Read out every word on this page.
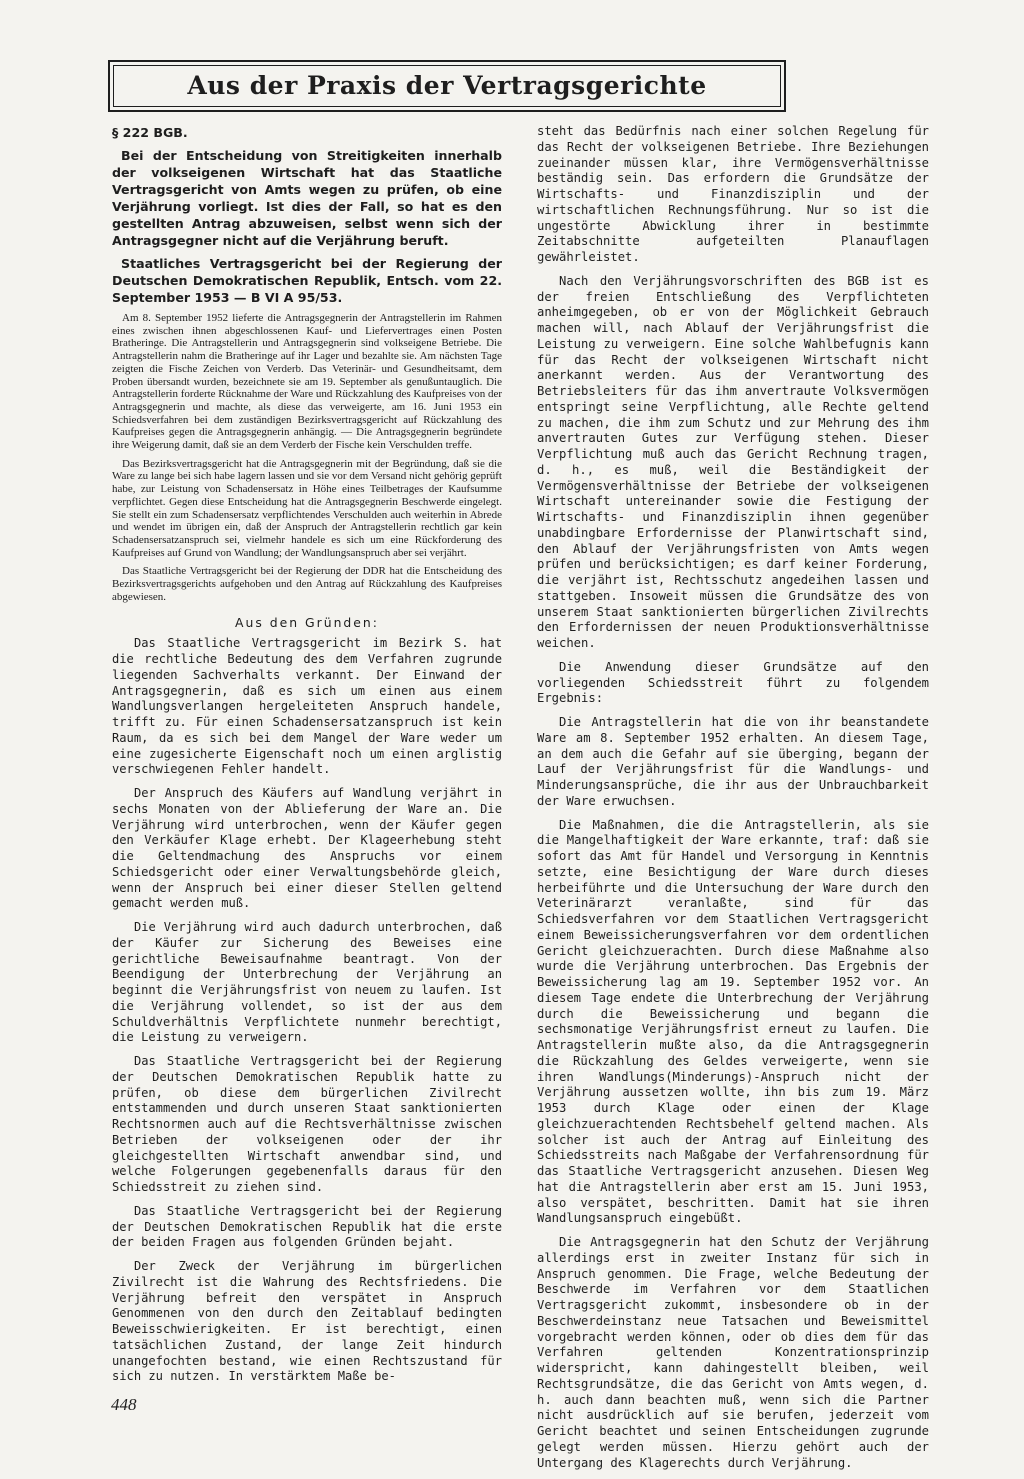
Aus der Praxis der Vertragsgerichte

§ 222 BGB.

Bei der Entscheidung von Streitigkeiten innerhalb der volkseigenen Wirtschaft hat das Staatliche Vertragsgericht von Amts wegen zu prüfen, ob eine Verjährung vorliegt. Ist dies der Fall, so hat es den gestellten Antrag abzuweisen, selbst wenn sich der Antragsgegner nicht auf die Verjährung beruft.

Staatliches Vertragsgericht bei der Regierung der Deutschen Demokratischen Republik, Entsch. vom 22. September 1953 — B VI A 95/53.

Am 8. September 1952 lieferte die Antragsgegnerin der Antragstellerin im Rahmen eines zwischen ihnen abgeschlossenen Kauf- und Liefervertrages einen Posten Bratheringe. Die Antragstellerin und Antragsgegnerin sind volkseigene Betriebe. Die Antragstellerin nahm die Bratheringe auf ihr Lager und bezahlte sie. Am nächsten Tage zeigten die Fische Zeichen von Verderb. Das Veterinär- und Gesundheitsamt, dem Proben übersandt wurden, bezeichnete sie am 19. September als genußuntauglich. Die Antragstellerin forderte Rücknahme der Ware und Rückzahlung des Kaufpreises von der Antragsgegnerin und machte, als diese das verweigerte, am 16. Juni 1953 ein Schiedsverfahren bei dem zuständigen Bezirksvertragsgericht auf Rückzahlung des Kaufpreises gegen die Antragsgegnerin anhängig. — Die Antragsgegnerin begründete ihre Weigerung damit, daß sie an dem Verderb der Fische kein Verschulden treffe.

Das Bezirksvertragsgericht hat die Antragsgegnerin mit der Begründung, daß sie die Ware zu lange bei sich habe lagern lassen und sie vor dem Versand nicht gehörig geprüft habe, zur Leistung von Schadensersatz in Höhe eines Teilbetrages der Kaufsumme verpflichtet. Gegen diese Entscheidung hat die Antragsgegnerin Beschwerde eingelegt. Sie stellt ein zum Schadensersatz verpflichtendes Verschulden auch weiterhin in Abrede und wendet im übrigen ein, daß der Anspruch der Antragstellerin rechtlich gar kein Schadensersatzanspruch sei, vielmehr handele es sich um eine Rückforderung des Kaufpreises auf Grund von Wandlung; der Wandlungsanspruch aber sei verjährt.

Das Staatliche Vertragsgericht bei der Regierung der DDR hat die Entscheidung des Bezirksvertragsgerichts aufgehoben und den Antrag auf Rückzahlung des Kaufpreises abgewiesen.

Aus den Gründen:

Das Staatliche Vertragsgericht im Bezirk S. hat die rechtliche Bedeutung des dem Verfahren zugrunde liegenden Sachverhalts verkannt. Der Einwand der Antragsgegnerin, daß es sich um einen aus einem Wandlungsverlangen hergeleiteten Anspruch handele, trifft zu. Für einen Schadensersatzanspruch ist kein Raum, da es sich bei dem Mangel der Ware weder um eine zugesicherte Eigenschaft noch um einen arglistig verschwiegenen Fehler handelt.

Der Anspruch des Käufers auf Wandlung verjährt in sechs Monaten von der Ablieferung der Ware an. Die Verjährung wird unterbrochen, wenn der Käufer gegen den Verkäufer Klage erhebt. Der Klageerhebung steht die Geltendmachung des Anspruchs vor einem Schiedsgericht oder einer Verwaltungsbehörde gleich, wenn der Anspruch bei einer dieser Stellen geltend gemacht werden muß.

Die Verjährung wird auch dadurch unterbrochen, daß der Käufer zur Sicherung des Beweises eine gerichtliche Beweisaufnahme beantragt. Von der Beendigung der Unterbrechung der Verjährung an beginnt die Verjährungsfrist von neuem zu laufen. Ist die Verjährung vollendet, so ist der aus dem Schuldverhältnis Verpflichtete nunmehr berechtigt, die Leistung zu verweigern.

Das Staatliche Vertragsgericht bei der Regierung der Deutschen Demokratischen Republik hatte zu prüfen, ob diese dem bürgerlichen Zivilrecht entstammenden und durch unseren Staat sanktionierten Rechtsnormen auch auf die Rechtsverhältnisse zwischen Betrieben der volkseigenen oder der ihr gleichgestellten Wirtschaft anwendbar sind, und welche Folgerungen gegebenenfalls daraus für den Schiedsstreit zu ziehen sind.

Das Staatliche Vertragsgericht bei der Regierung der Deutschen Demokratischen Republik hat die erste der beiden Fragen aus folgenden Gründen bejaht.

Der Zweck der Verjährung im bürgerlichen Zivilrecht ist die Wahrung des Rechtsfriedens. Die Verjährung befreit den verspätet in Anspruch Genommenen von den durch den Zeitablauf bedingten Beweisschwierigkeiten. Er ist berechtigt, einen tatsächlichen Zustand, der lange Zeit hindurch unangefochten bestand, wie einen Rechtszustand für sich zu nutzen. In verstärktem Maße be-

steht das Bedürfnis nach einer solchen Regelung für das Recht der volkseigenen Betriebe. Ihre Beziehungen zueinander müssen klar, ihre Vermögensverhältnisse beständig sein. Das erfordern die Grundsätze der Wirtschafts- und Finanzdisziplin und der wirtschaftlichen Rechnungsführung. Nur so ist die ungestörte Abwicklung ihrer in bestimmte Zeitabschnitte aufgeteilten Planauflagen gewährleistet.

Nach den Verjährungsvorschriften des BGB ist es der freien Entschließung des Verpflichteten anheimgegeben, ob er von der Möglichkeit Gebrauch machen will, nach Ablauf der Verjährungsfrist die Leistung zu verweigern. Eine solche Wahlbefugnis kann für das Recht der volkseigenen Wirtschaft nicht anerkannt werden. Aus der Verantwortung des Betriebsleiters für das ihm anvertraute Volksvermögen entspringt seine Verpflichtung, alle Rechte geltend zu machen, die ihm zum Schutz und zur Mehrung des ihm anvertrauten Gutes zur Verfügung stehen. Dieser Verpflichtung muß auch das Gericht Rechnung tragen, d. h., es muß, weil die Beständigkeit der Vermögensverhältnisse der Betriebe der volkseigenen Wirtschaft untereinander sowie die Festigung der Wirtschafts- und Finanzdisziplin ihnen gegenüber unabdingbare Erfordernisse der Planwirtschaft sind, den Ablauf der Verjährungsfristen von Amts wegen prüfen und berücksichtigen; es darf keiner Forderung, die verjährt ist, Rechtsschutz angedeihen lassen und stattgeben. Insoweit müssen die Grundsätze des von unserem Staat sanktionierten bürgerlichen Zivilrechts den Erfordernissen der neuen Produktionsverhältnisse weichen.

Die Anwendung dieser Grundsätze auf den vorliegenden Schiedsstreit führt zu folgendem Ergebnis:

Die Antragstellerin hat die von ihr beanstandete Ware am 8. September 1952 erhalten. An diesem Tage, an dem auch die Gefahr auf sie überging, begann der Lauf der Verjährungsfrist für die Wandlungs- und Minderungsansprüche, die ihr aus der Unbrauchbarkeit der Ware erwuchsen.

Die Maßnahmen, die die Antragstellerin, als sie die Mangelhaftigkeit der Ware erkannte, traf: daß sie sofort das Amt für Handel und Versorgung in Kenntnis setzte, eine Besichtigung der Ware durch dieses herbeiführte und die Untersuchung der Ware durch den Veterinärarzt veranlaßte, sind für das Schiedsverfahren vor dem Staatlichen Vertragsgericht einem Beweissicherungsverfahren vor dem ordentlichen Gericht gleichzuerachten. Durch diese Maßnahme also wurde die Verjährung unterbrochen. Das Ergebnis der Beweissicherung lag am 19. September 1952 vor. An diesem Tage endete die Unterbrechung der Verjährung durch die Beweissicherung und begann die sechsmonatige Verjährungsfrist erneut zu laufen. Die Antragstellerin mußte also, da die Antragsgegnerin die Rückzahlung des Geldes verweigerte, wenn sie ihren Wandlungs(Minderungs)-Anspruch nicht der Verjährung aussetzen wollte, ihn bis zum 19. März 1953 durch Klage oder einen der Klage gleichzuerachtenden Rechtsbehelf geltend machen. Als solcher ist auch der Antrag auf Einleitung des Schiedsstreits nach Maßgabe der Verfahrensordnung für das Staatliche Vertragsgericht anzusehen. Diesen Weg hat die Antragstellerin aber erst am 15. Juni 1953, also verspätet, beschritten. Damit hat sie ihren Wandlungsanspruch eingebüßt.

Die Antragsgegnerin hat den Schutz der Verjährung allerdings erst in zweiter Instanz für sich in Anspruch genommen. Die Frage, welche Bedeutung der Beschwerde im Verfahren vor dem Staatlichen Vertragsgericht zukommt, insbesondere ob in der Beschwerdeinstanz neue Tatsachen und Beweismittel vorgebracht werden können, oder ob dies dem für das Verfahren geltenden Konzentrationsprinzip widerspricht, kann dahingestellt bleiben, weil Rechtsgrundsätze, die das Gericht von Amts wegen, d. h. auch dann beachten muß, wenn sich die Partner nicht ausdrücklich auf sie berufen, jederzeit vom Gericht beachtet und seinen Entscheidungen zugrunde gelegt werden müssen. Hierzu gehört auch der Untergang des Klagerechts durch Verjährung.

448
